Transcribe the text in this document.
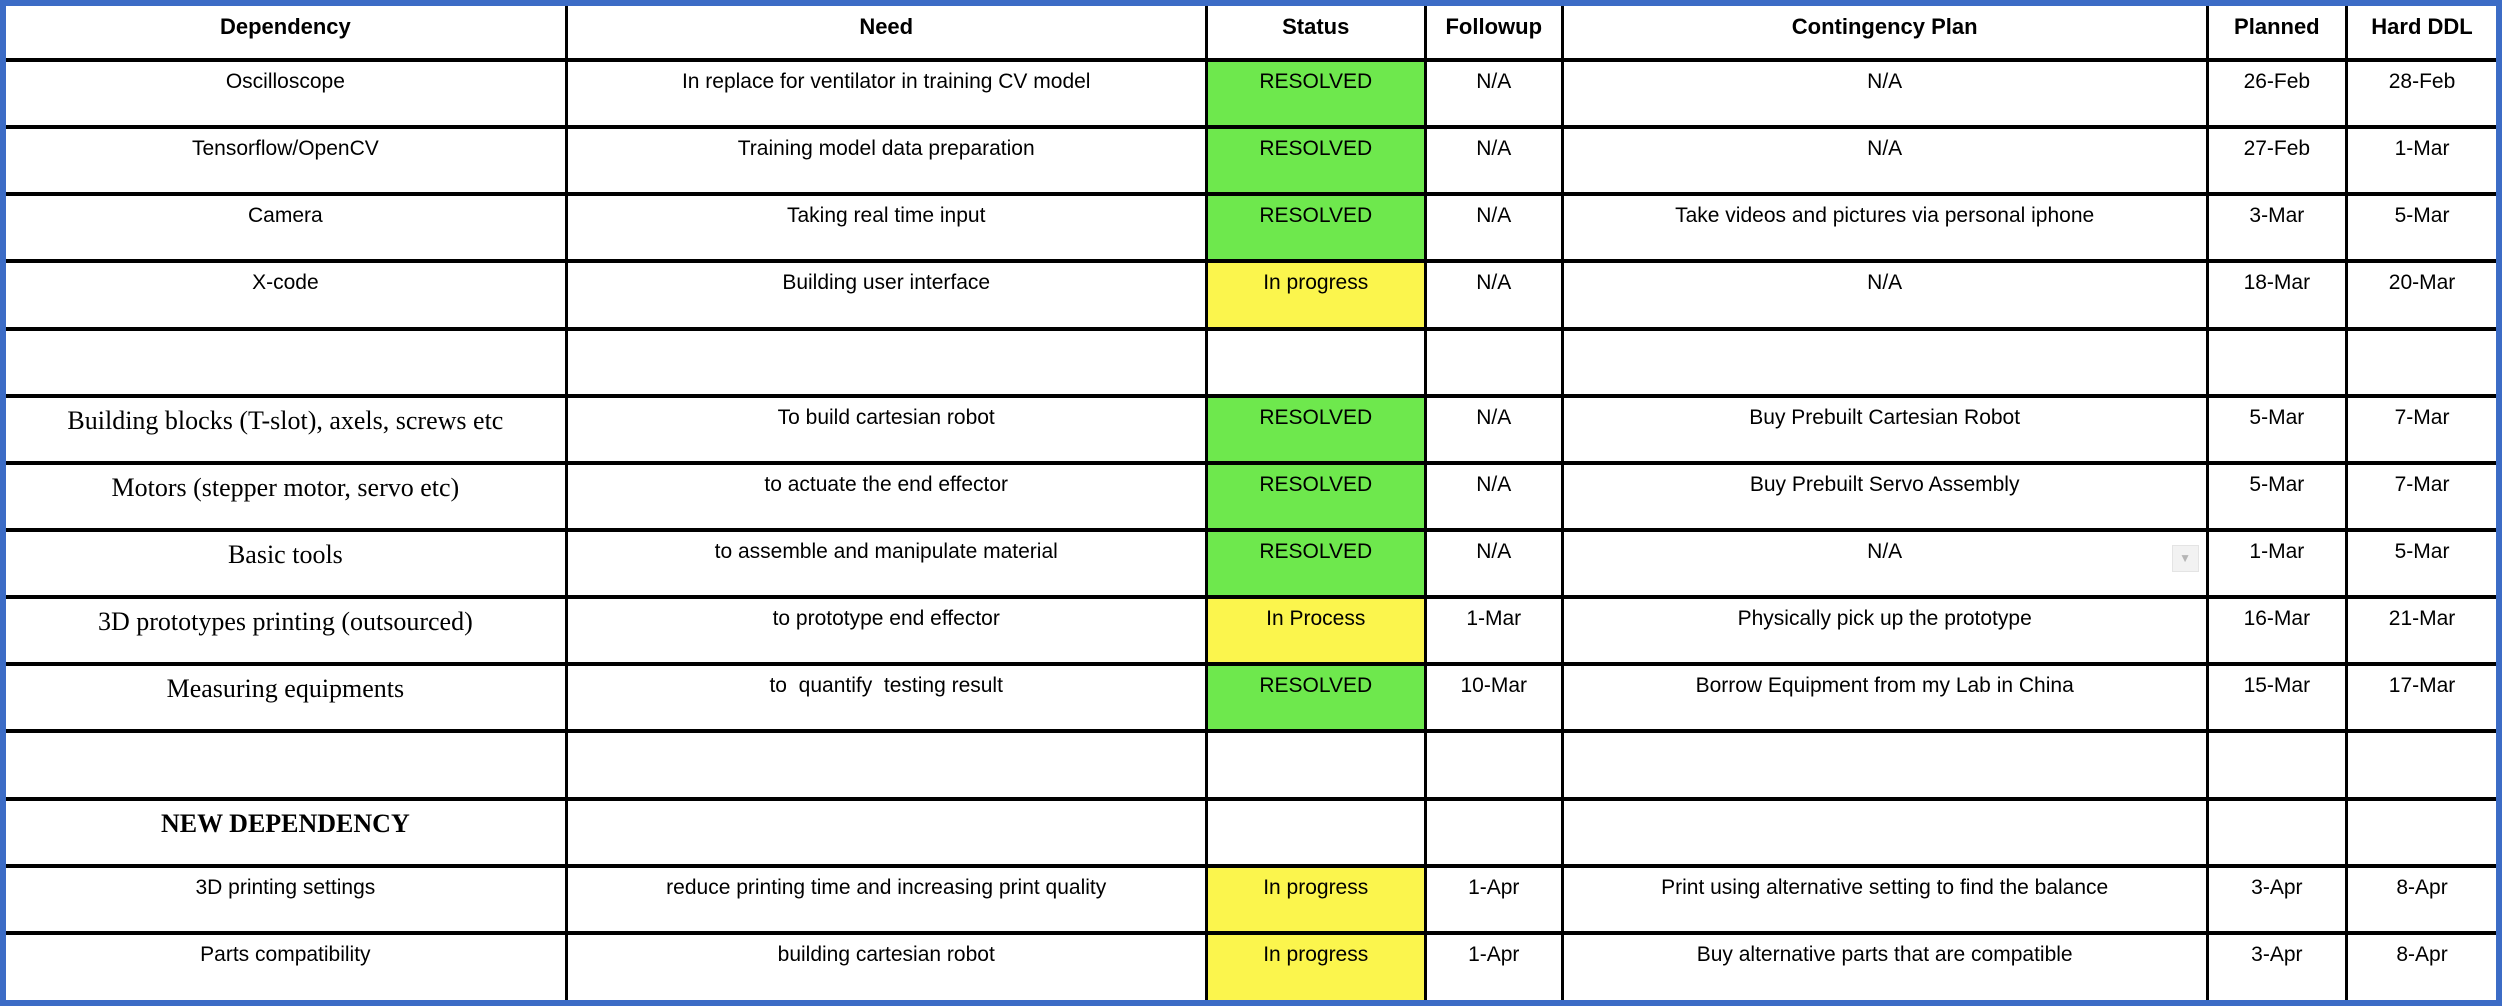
Dependency	Need	Status	Followup	Contingency Plan	Planned	Hard DDL
Oscilloscope	In replace for ventilator in training CV model	RESOLVED	N/A	N/A	26-Feb	28-Feb
Tensorflow/OpenCV	Training model data preparation	RESOLVED	N/A	N/A	27-Feb	1-Mar
Camera	Taking real time input	RESOLVED	N/A	Take videos and pictures via personal iphone	3-Mar	5-Mar
X-code	Building user interface	In progress	N/A	N/A	18-Mar	20-Mar

Building blocks (T-slot), axels, screws etc	To build cartesian robot	RESOLVED	N/A	Buy Prebuilt Cartesian Robot	5-Mar	7-Mar
Motors (stepper motor, servo etc)	to actuate the end effector	RESOLVED	N/A	Buy Prebuilt Servo Assembly	5-Mar	7-Mar
Basic tools	to assemble and manipulate material	RESOLVED	N/A	N/A ▼	1-Mar	5-Mar
3D prototypes printing (outsourced)	to prototype end effector	In Process	1-Mar	Physically pick up the prototype	16-Mar	21-Mar
Measuring equipments	to  quantify  testing result	RESOLVED	10-Mar	Borrow Equipment from my Lab in China	15-Mar	17-Mar

NEW DEPENDENCY						
3D printing settings	reduce printing time and increasing print quality	In progress	1-Apr	Print using alternative setting to find the balance	3-Apr	8-Apr
Parts compatibility	building cartesian robot	In progress	1-Apr	Buy alternative parts that are compatible	3-Apr	8-Apr
